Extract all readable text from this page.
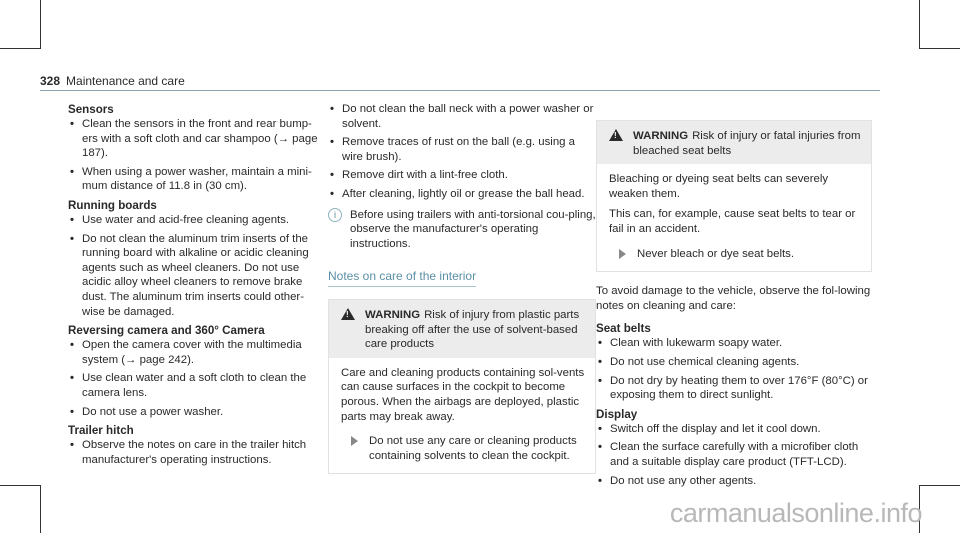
328 Maintenance and care
Sensors
• Clean the sensors in the front and rear bump-ers with a soft cloth and car shampoo (→ page 187).
• When using a power washer, maintain a mini-mum distance of 11.8 in (30 cm).
Running boards
• Use water and acid-free cleaning agents.
• Do not clean the aluminum trim inserts of the running board with alkaline or acidic cleaning agents such as wheel cleaners. Do not use acidic alloy wheel cleaners to remove brake dust. The aluminum trim inserts could other-wise be damaged.
Reversing camera and 360° Camera
• Open the camera cover with the multimedia system (→ page 242).
• Use clean water and a soft cloth to clean the camera lens.
• Do not use a power washer.
Trailer hitch
• Observe the notes on care in the trailer hitch manufacturer's operating instructions.
• Do not clean the ball neck with a power washer or solvent.
• Remove traces of rust on the ball (e.g. using a wire brush).
• Remove dirt with a lint-free cloth.
• After cleaning, lightly oil or grease the ball head.
i	Before using trailers with anti-torsional cou-pling, observe the manufacturer's operating instructions.
Notes on care of the interior
! WARNING Risk of injury from plastic parts breaking off after the use of solvent-based care products

Care and cleaning products containing sol-vents can cause surfaces in the cockpit to become porous. When the airbags are deployed, plastic parts may break away.

Do not use any care or cleaning products containing solvents to clean the cockpit.
! WARNING Risk of injury or fatal injuries from bleached seat belts

Bleaching or dyeing seat belts can severely weaken them.

This can, for example, cause seat belts to tear or fail in an accident.

Never bleach or dye seat belts.

To avoid damage to the vehicle, observe the fol-lowing notes on cleaning and care:

Seat belts
• Clean with lukewarm soapy water.
• Do not use chemical cleaning agents.
• Do not dry by heating them to over 176°F (80°C) or exposing them to direct sunlight.
Display
• Switch off the display and let it cool down.
• Clean the surface carefully with a microfiber cloth and a suitable display care product (TFT-LCD).
• Do not use any other agents.
carmanualsonline.info
